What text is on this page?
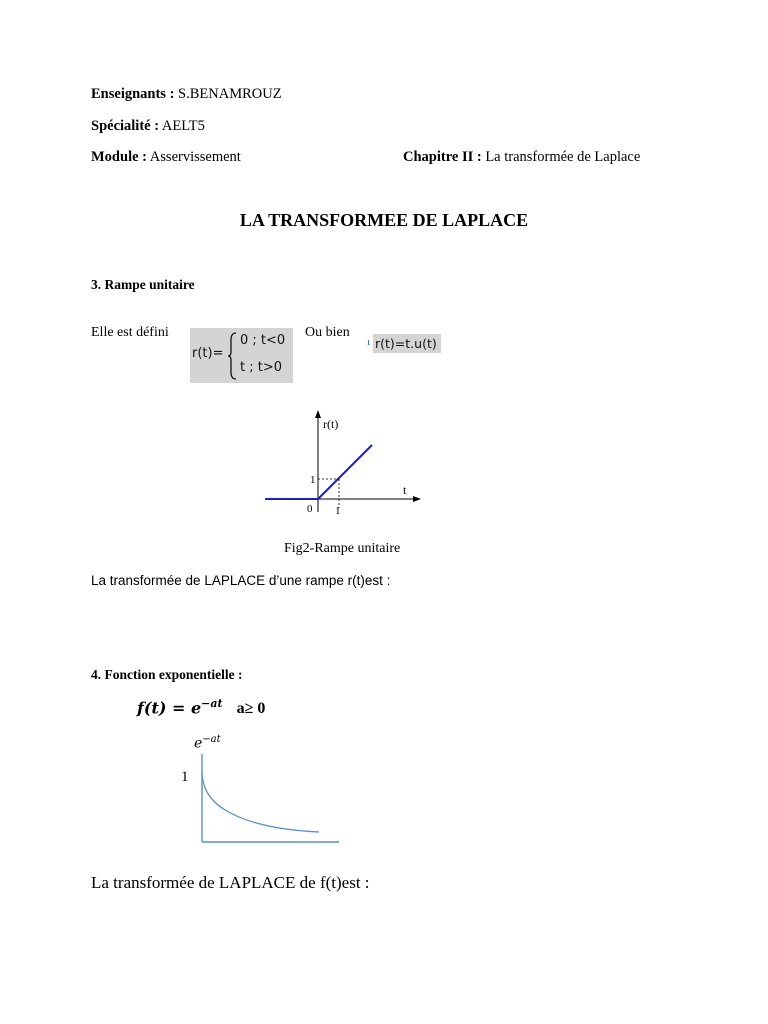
Enseignants : S.BENAMROUZ
Spécialité : AELT5
Module : Asservissement	Chapitre II : La transformée de Laplace
LA TRANSFORMEE DE LAPLACE
3. Rampe unitaire
Elle est défini
r(t)=
0 ; t<0
t ; t>0
Ou bien
ı r(t)=t.u(t)
r(t)
t
0 1
1
Fig2-Rampe unitaire
La transformée de LAPLACE d’une rampe r(t)est :
4. Fonction exponentielle :
$f(t) = e^{-at}$ a≥ 0
$e^{-at}$
1
La transformée de LAPLACE de f(t)est :
